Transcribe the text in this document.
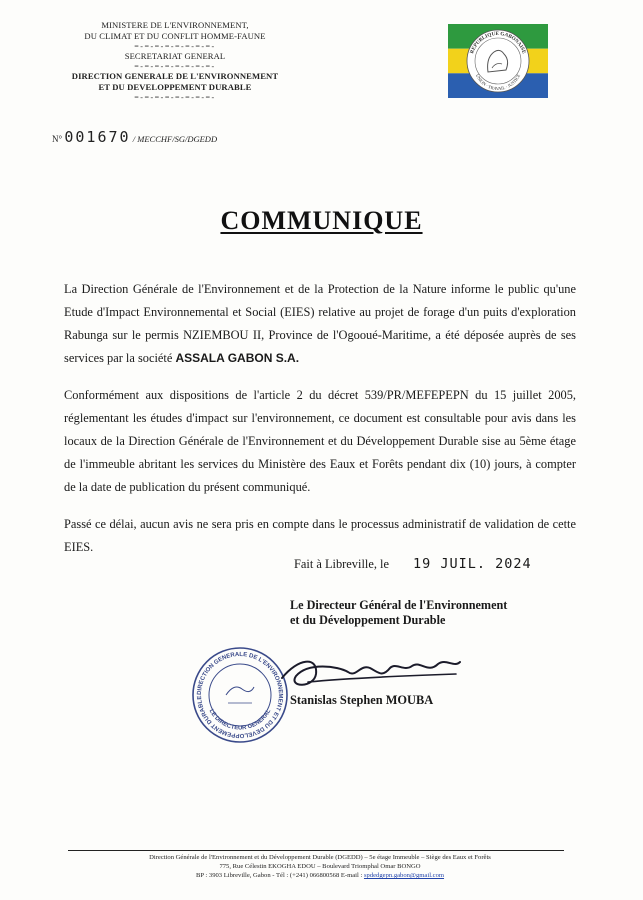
MINISTERE DE L'ENVIRONNEMENT,
DU CLIMAT ET DU CONFLIT HOMME-FAUNE
=-=-=-=-=-=-=-=-
SECRETARIAT GENERAL
=-=-=-=-=-=-=-=-
DIRECTION GENERALE DE L'ENVIRONNEMENT
ET DU DEVELOPPEMENT DURABLE
=-=-=-=-=-=-=-=-
N° 001670 / MECCHF/SG/DGEDD
REPUBLIQUE GABONAISE
UNION · TRAVAIL · JUSTICE
COMMUNIQUE

La Direction Générale de l'Environnement et de la Protection de la Nature informe le public qu'une Etude d'Impact Environnemental et Social (EIES) relative au projet de forage d'un puits d'exploration Rabunga sur le permis NZIEMBOU II, Province de l'Ogooué-Maritime, a été déposée auprès de ses services par la société ASSALA GABON S.A.

Conformément aux dispositions de l'article 2 du décret 539/PR/MEFEPEPN du 15 juillet 2005, réglementant les études d'impact sur l'environnement, ce document est consultable pour avis dans les locaux de la Direction Générale de l'Environnement et du Développement Durable sise au 5ème étage de l'immeuble abritant les services du Ministère des Eaux et Forêts pendant dix (10) jours, à compter de la date de publication du présent communiqué.

Passé ce délai, aucun avis ne sera pris en compte dans le processus administratif de validation de cette EIES.

Fait à Libreville, le 19 JUIL. 2024
Le Directeur Général de l'Environnement
et du Développement Durable
DIRECTION GENERALE DE L'ENVIRONNEMENT ET DU DEVELOPPEMENT DURABLE
LE DIRECTEUR GENERAL
Stanislas Stephen MOUBA
Direction Générale de l'Environnement et du Développement Durable (DGEDD) – 5e étage Immeuble – Siège des Eaux et Forêts
775, Rue Célestin EKOGHA EDOU – Boulevard Triomphal Omar BONGO
BP : 3903 Libreville, Gabon - Tél : (+241) 066800568 E-mail : spdedgepn.gabon@gmail.com
